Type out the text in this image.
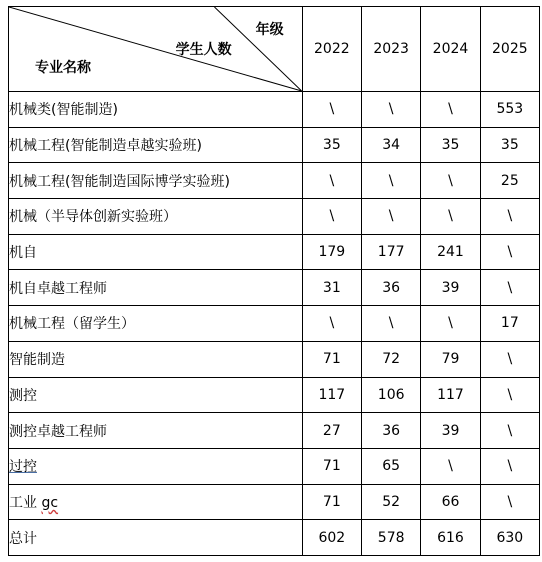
年级
学生人数
专业名称	2022	2023	2024	2025
机械类(智能制造)	\	\	\	553
机械工程(智能制造卓越实验班)	35	34	35	35
机械工程(智能制造国际博学实验班)	\	\	\	25
机械（半导体创新实验班）	\	\	\	\
机自	179	177	241	\
机自卓越工程师	31	36	39	\
机械工程（留学生）	\	\	\	17
智能制造	71	72	79	\
测控	117	106	117	\
测控卓越工程师	27	36	39	\
过控	71	65	\	\
工业 gc	71	52	66	\
总计	602	578	616	630
